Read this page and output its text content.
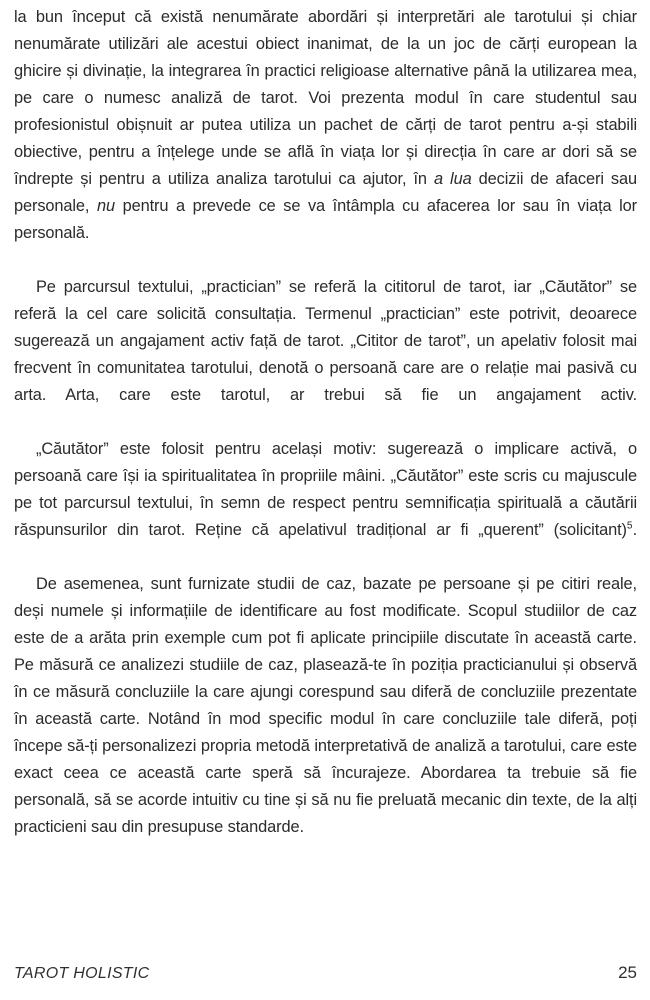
la bun început că există nenumărate abordări și interpretări ale tarotului și chiar nenumărate utilizări ale acestui obiect inanimat, de la un joc de cărți european la ghicire și divinație, la integrarea în practici religioase alternative până la utilizarea mea, pe care o numesc analiză de tarot. Voi prezenta modul în care studentul sau profesionistul obișnuit ar putea utiliza un pachet de cărți de tarot pentru a-și stabili obiective, pentru a înțelege unde se află în viața lor și direcția în care ar dori să se îndrepte și pentru a utiliza analiza tarotului ca ajutor, în a lua decizii de afaceri sau personale, nu pentru a prevede ce se va întâmpla cu afacerea lor sau în viața lor personală.

Pe parcursul textului, „practician” se referă la cititorul de tarot, iar „Căutător” se referă la cel care solicită consultația. Termenul „practician” este potrivit, deoarece sugerează un angajament activ față de tarot. „Cititor de tarot”, un apelativ folosit mai frecvent în comunitatea tarotului, denotă o persoană care are o relație mai pasivă cu arta. Arta, care este tarotul, ar trebui să fie un angajament activ.

„Căutător” este folosit pentru același motiv: sugerează o implicare activă, o persoană care își ia spiritualitatea în propriile mâini. „Căutător” este scris cu majuscule pe tot parcursul textului, în semn de respect pentru semnificația spirituală a căutării răspunsurilor din tarot. Reține că apelativul tradițional ar fi „querent” (solicitant)$^5$.

De asemenea, sunt furnizate studii de caz, bazate pe persoane și pe citiri reale, deși numele și informațiile de identificare au fost modificate. Scopul studiilor de caz este de a arăta prin exemple cum pot fi aplicate principiile discutate în această carte. Pe măsură ce analizezi studiile de caz, plasează-te în poziția practicianului și observă în ce măsură concluziile la care ajungi corespund sau diferă de concluziile prezentate în această carte. Notând în mod specific modul în care concluziile tale diferă, poți începe să-ți personalizezi propria metodă interpretativă de analiză a tarotului, care este exact ceea ce această carte speră să încurajeze. Abordarea ta trebuie să fie personală, să se acorde intuitiv cu tine și să nu fie preluată mecanic din texte, de la alți practicieni sau din presupuse standarde.

TAROT HOLISTIC	25
